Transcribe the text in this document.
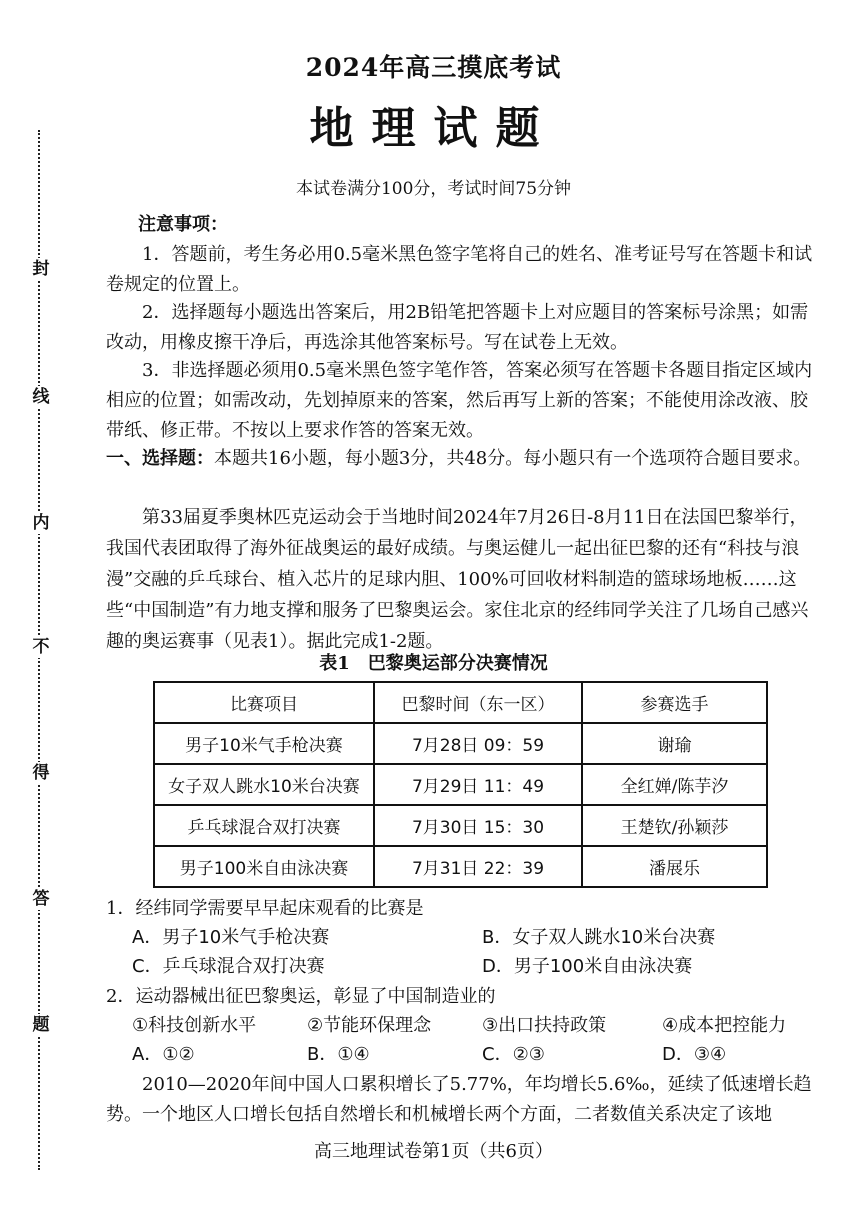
封
线
内
不
得
答
题
2024年高三摸底考试
地理试题
本试卷满分100分，考试时间75分钟
注意事项：
1．答题前，考生务必用0.5毫米黑色签字笔将自己的姓名、准考证号写在答题卡和试卷规定的位置上。
2．选择题每小题选出答案后，用2B铅笔把答题卡上对应题目的答案标号涂黑；如需改动，用橡皮擦干净后，再选涂其他答案标号。写在试卷上无效。
3．非选择题必须用0.5毫米黑色签字笔作答，答案必须写在答题卡各题目指定区域内相应的位置；如需改动，先划掉原来的答案，然后再写上新的答案；不能使用涂改液、胶带纸、修正带。不按以上要求作答的答案无效。
一、选择题：本题共16小题，每小题3分，共48分。每小题只有一个选项符合题目要求。
第33届夏季奥林匹克运动会于当地时间2024年7月26日-8月11日在法国巴黎举行，我国代表团取得了海外征战奥运的最好成绩。与奥运健儿一起出征巴黎的还有“科技与浪漫”交融的乒乓球台、植入芯片的足球内胆、100%可回收材料制造的篮球场地板……这些“中国制造”有力地支撑和服务了巴黎奥运会。家住北京的经纬同学关注了几场自己感兴趣的奥运赛事（见表1）。据此完成1-2题。
表1　巴黎奥运部分决赛情况
比赛项目	巴黎时间（东一区）	参赛选手
男子10米气手枪决赛	7月28日 09：59	谢瑜
女子双人跳水10米台决赛	7月29日 11：49	全红婵/陈芋汐
乒乓球混合双打决赛	7月30日 15：30	王楚钦/孙颖莎
男子100米自由泳决赛	7月31日 22：39	潘展乐
1．经纬同学需要早早起床观看的比赛是
A．男子10米气手枪决赛	B．女子双人跳水10米台决赛
C．乒乓球混合双打决赛	D．男子100米自由泳决赛
2．运动器械出征巴黎奥运，彰显了中国制造业的
①科技创新水平	②节能环保理念	③出口扶持政策	④成本把控能力
A．①②	B．①④	C．②③	D．③④
2010—2020年间中国人口累积增长了5.77%，年均增长5.6‰，延续了低速增长趋势。一个地区人口增长包括自然增长和机械增长两个方面，二者数值关系决定了该地
高三地理试卷第1页（共6页）
